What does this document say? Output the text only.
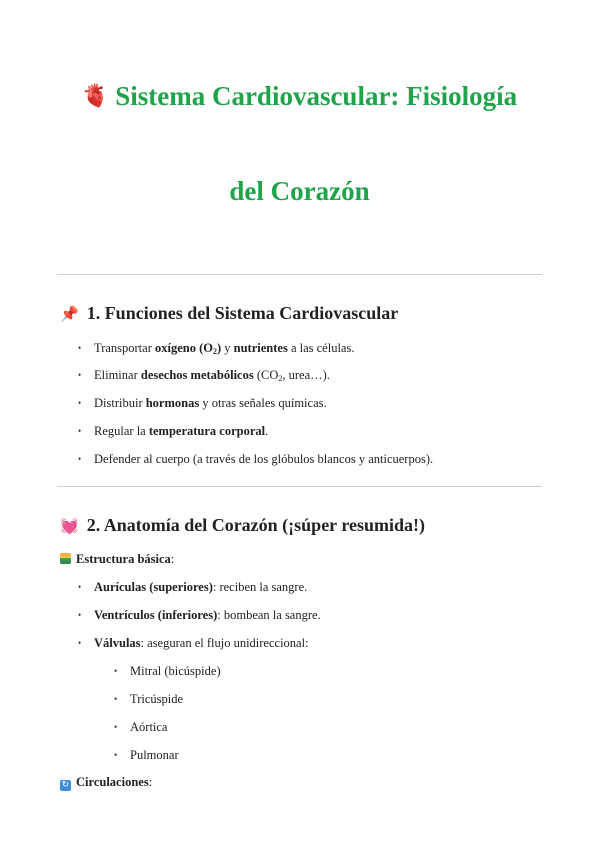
🫀 Sistema Cardiovascular: Fisiología
del Corazón
📌 1. Funciones del Sistema Cardiovascular
• Transportar oxígeno $(O_2)$ y nutrientes a las células.
• Eliminar desechos metabólicos ($CO_2$, urea…).
• Distribuir hormonas y otras señales químicas.
• Regular la temperatura corporal.
• Defender al cuerpo (a través de los glóbulos blancos y anticuerpos).
💓 2. Anatomía del Corazón (¡súper resumida!)
Estructura básica:
• Aurículas (superiores): reciben la sangre.
• Ventrículos (inferiores): bombean la sangre.
• Válvulas: aseguran el flujo unidireccional:
• Mitral (bicúspide)
• Tricúspide
• Aórtica
• Pulmonar
↻ Circulaciones:
